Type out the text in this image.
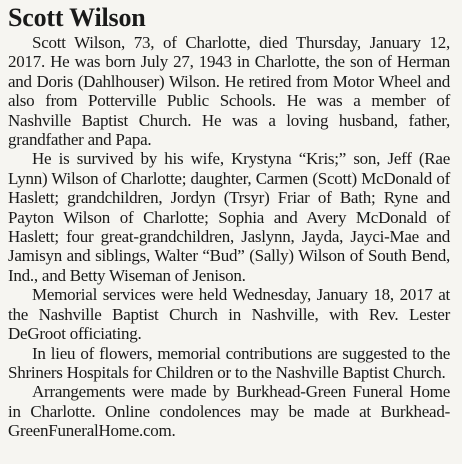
Scott Wilson

Scott Wilson, 73, of Charlotte, died Thursday, January 12, 2017. He was born July 27, 1943 in Charlotte, the son of Herman and Doris (Dahlhouser) Wilson. He retired from Motor Wheel and also from Potterville Public Schools. He was a member of Nashville Baptist Church. He was a loving husband, father, grandfather and Papa.

He is survived by his wife, Krystyna “Kris;” son, Jeff (Rae Lynn) Wilson of Charlotte; daughter, Carmen (Scott) McDonald of Haslett; grandchildren, Jordyn (Trsyr) Friar of Bath; Ryne and Payton Wilson of Charlotte; Sophia and Avery McDonald of Haslett; four great-grandchildren, Jaslynn, Jayda, Jayci-Mae and Jamisyn and siblings, Walter “Bud” (Sally) Wilson of South Bend, Ind., and Betty Wiseman of Jenison.

Memorial services were held Wednesday, January 18, 2017 at the Nashville Baptist Church in Nashville, with Rev. Lester DeGroot officiating.

In lieu of flowers, memorial contributions are suggested to the Shriners Hospitals for Children or to the Nashville Baptist Church.

Arrangements were made by Burkhead-Green Funeral Home in Charlotte. Online condolences may be made at Burkhead-GreenFuneralHome.com.
